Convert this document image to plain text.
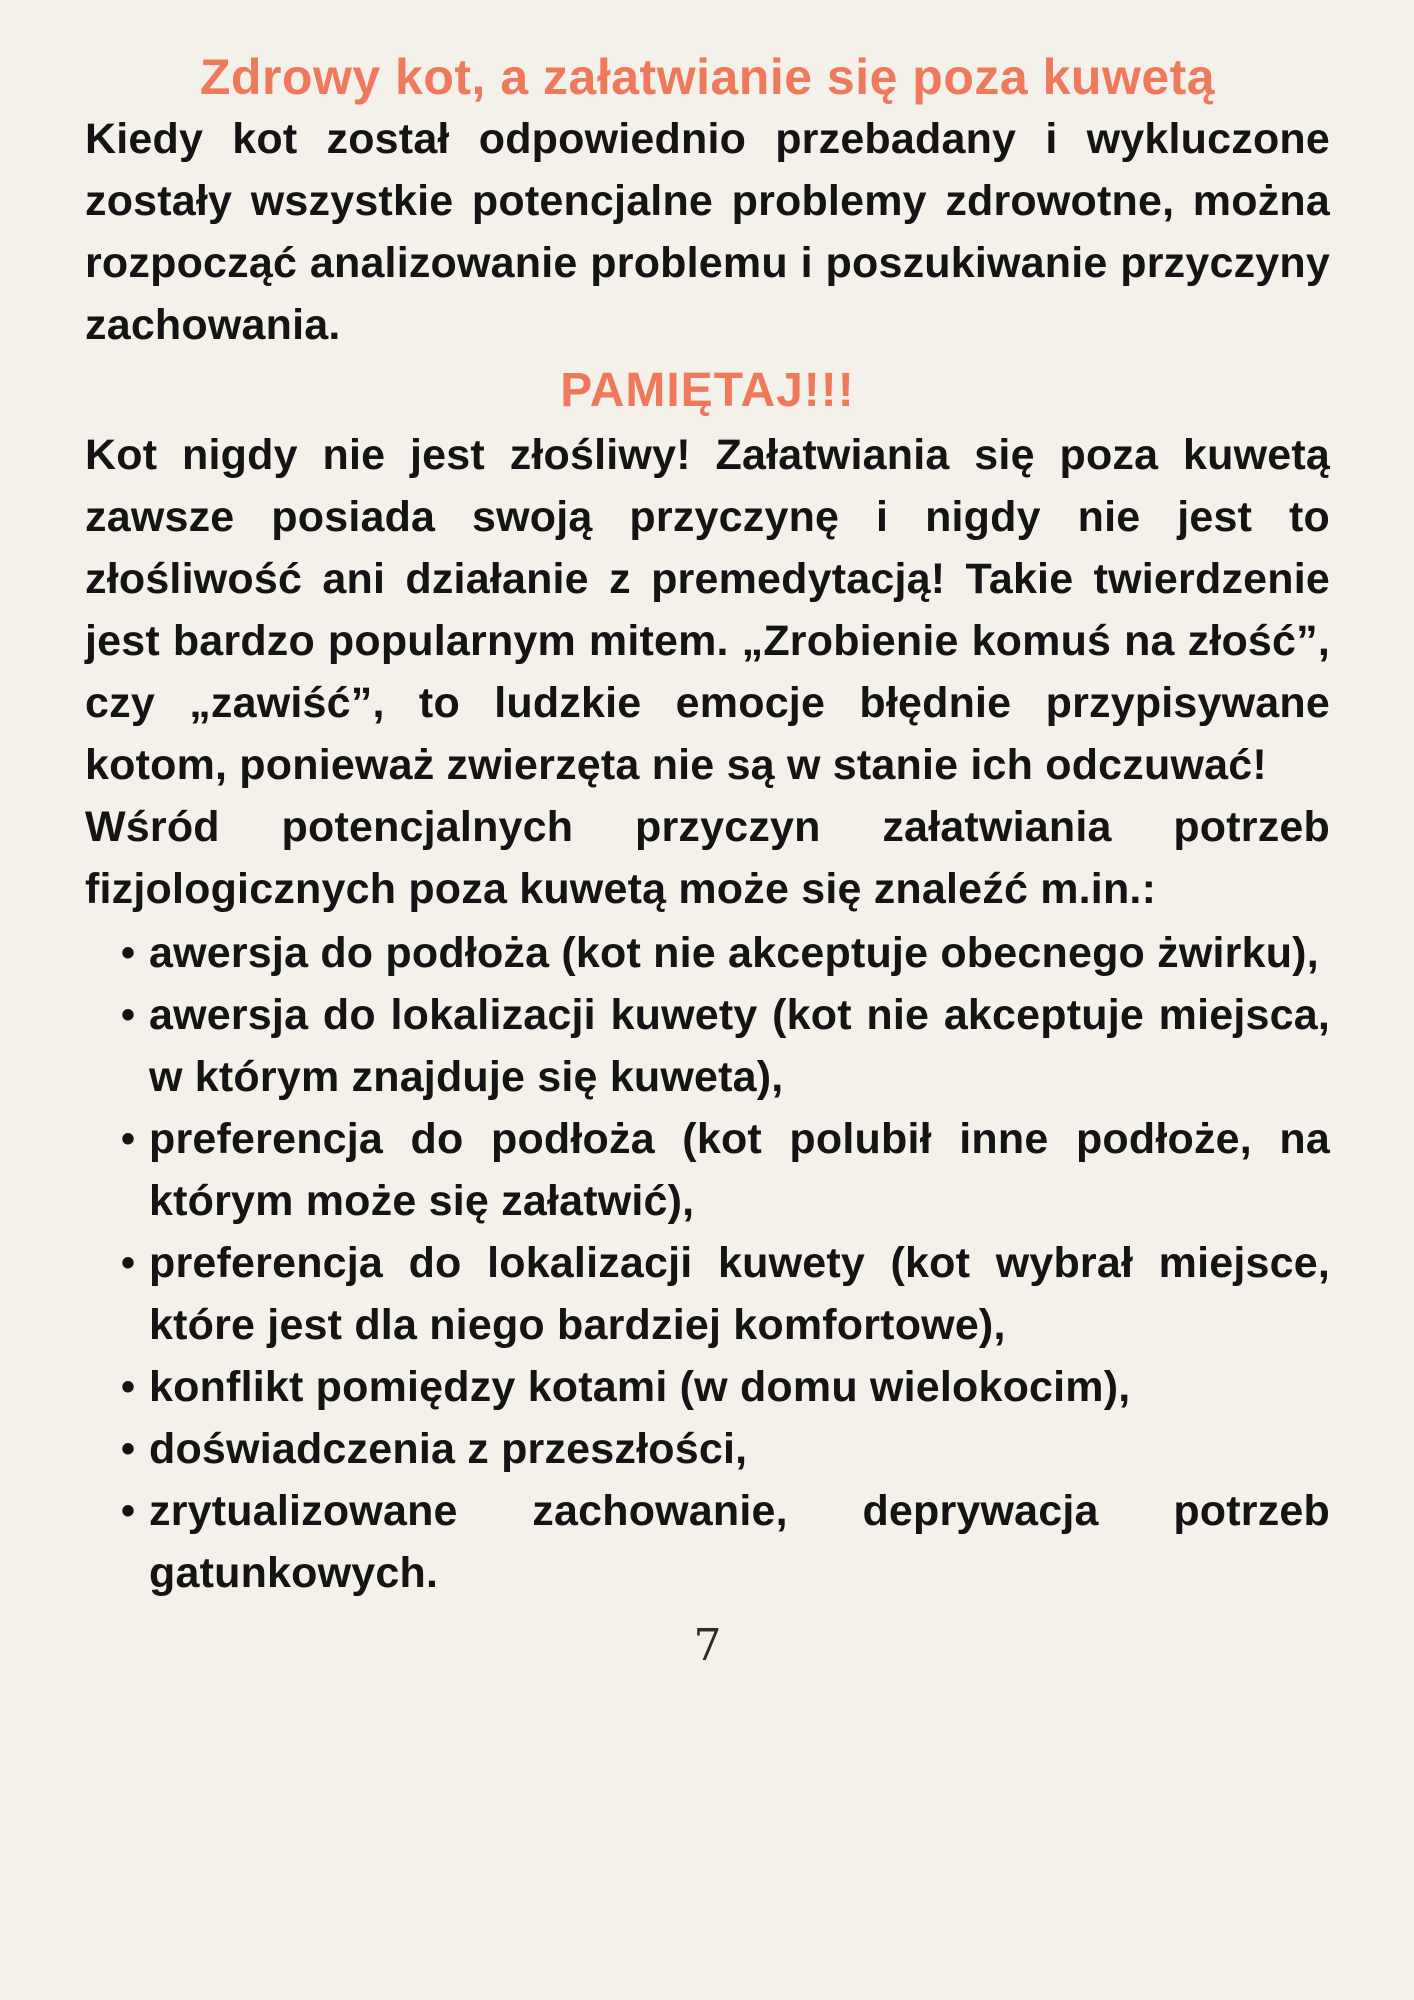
Zdrowy kot, a załatwianie się poza kuwetą

Kiedy kot został odpowiednio przebadany i wykluczone zostały wszystkie potencjalne problemy zdrowotne, można rozpocząć analizowanie problemu i poszukiwanie przyczyny zachowania.

PAMIĘTAJ!!!

Kot nigdy nie jest złośliwy! Załatwiania się poza kuwetą zawsze posiada swoją przyczynę i nigdy nie jest to złośliwość ani działanie z premedytacją! Takie twierdzenie jest bardzo popularnym mitem. „Zrobienie komuś na złość”, czy „zawiść”, to ludzkie emocje błędnie przypisywane kotom, ponieważ zwierzęta nie są w stanie ich odczuwać!

Wśród potencjalnych przyczyn załatwiania potrzeb fizjologicznych poza kuwetą może się znaleźć m.in.:

• awersja do podłoża (kot nie akceptuje obecnego żwirku),
• awersja do lokalizacji kuwety (kot nie akceptuje miejsca, w którym znajduje się kuweta),
• preferencja do podłoża (kot polubił inne podłoże, na którym może się załatwić),
• preferencja do lokalizacji kuwety (kot wybrał miejsce, które jest dla niego bardziej komfortowe),
• konflikt pomiędzy kotami (w domu wielokocim),
• doświadczenia z przeszłości,
• zrytualizowane zachowanie, deprywacja potrzeb gatunkowych.
7
